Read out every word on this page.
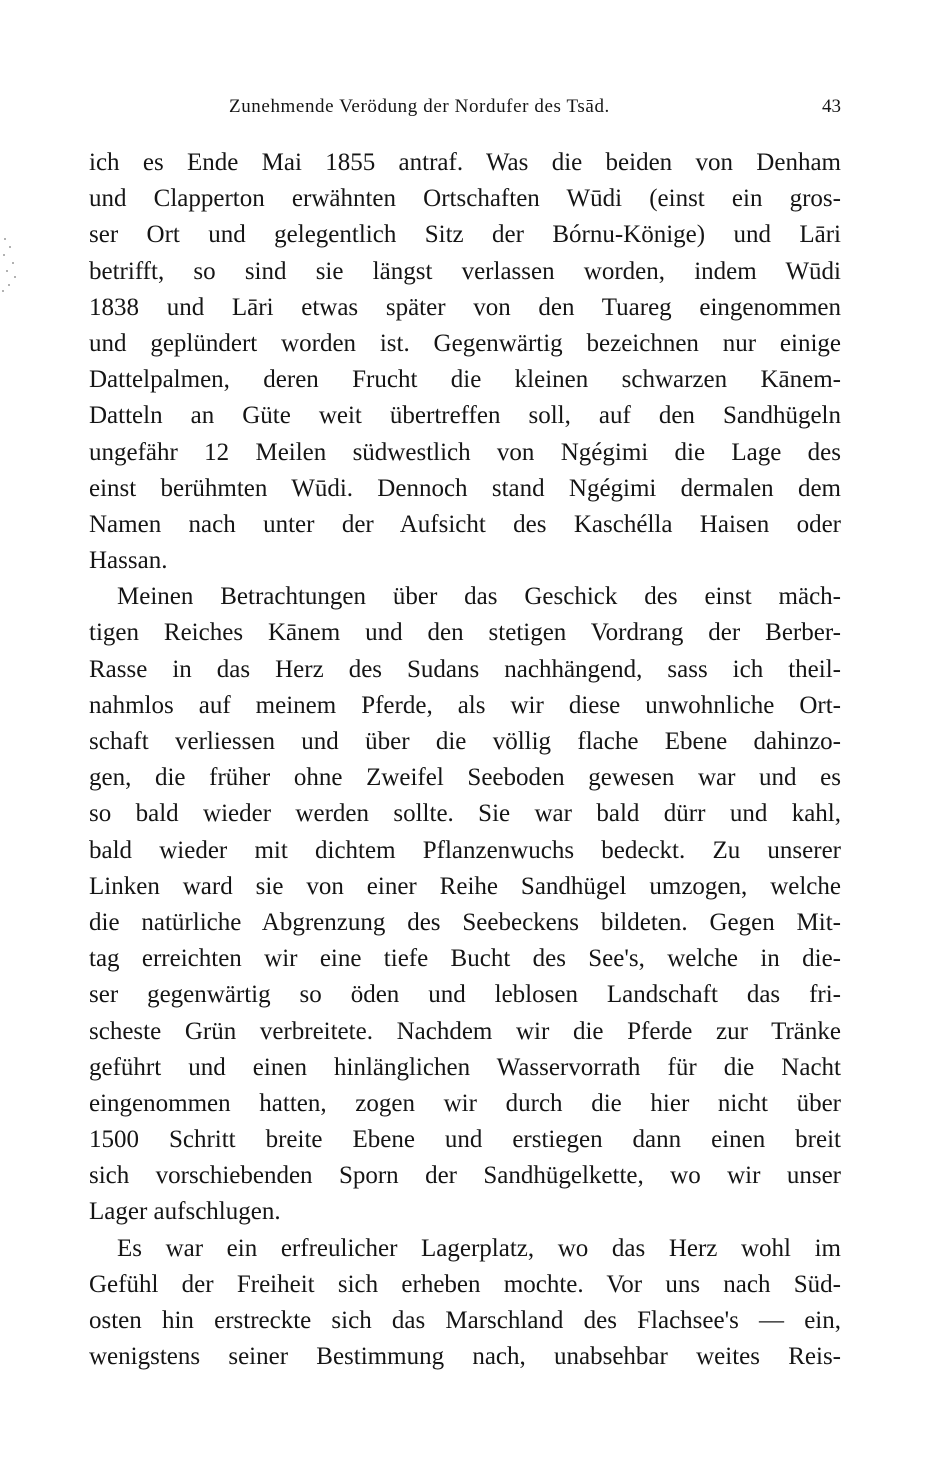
Zunehmende Verödung der Nordufer des Tsād.	43
ich es Ende Mai 1855 antraf. Was die beiden von Denham
und Clapperton erwähnten Ortschaften Wūdi (einst ein gros-
ser Ort und gelegentlich Sitz der Bórnu-Könige) und Lāri
betrifft, so sind sie längst verlassen worden, indem Wūdi
1838 und Lāri etwas später von den Tuareg eingenommen
und geplündert worden ist. Gegenwärtig bezeichnen nur einige
Dattelpalmen, deren Frucht die kleinen schwarzen Kānem-
Datteln an Güte weit übertreffen soll, auf den Sandhügeln
ungefähr 12 Meilen südwestlich von Ngégimi die Lage des
einst berühmten Wūdi. Dennoch stand Ngégimi dermalen dem
Namen nach unter der Aufsicht des Kaschélla Haisen oder
Hassan.
Meinen Betrachtungen über das Geschick des einst mäch-
tigen Reiches Kānem und den stetigen Vordrang der Berber-
Rasse in das Herz des Sudans nachhängend, sass ich theil-
nahmlos auf meinem Pferde, als wir diese unwohnliche Ort-
schaft verliessen und über die völlig flache Ebene dahinzo-
gen, die früher ohne Zweifel Seeboden gewesen war und es
so bald wieder werden sollte. Sie war bald dürr und kahl,
bald wieder mit dichtem Pflanzenwuchs bedeckt. Zu unserer
Linken ward sie von einer Reihe Sandhügel umzogen, welche
die natürliche Abgrenzung des Seebeckens bildeten. Gegen Mit-
tag erreichten wir eine tiefe Bucht des See's, welche in die-
ser gegenwärtig so öden und leblosen Landschaft das fri-
scheste Grün verbreitete. Nachdem wir die Pferde zur Tränke
geführt und einen hinlänglichen Wasservorrath für die Nacht
eingenommen hatten, zogen wir durch die hier nicht über
1500 Schritt breite Ebene und erstiegen dann einen breit
sich vorschiebenden Sporn der Sandhügelkette, wo wir unser
Lager aufschlugen.
Es war ein erfreulicher Lagerplatz, wo das Herz wohl im
Gefühl der Freiheit sich erheben mochte. Vor uns nach Süd-
osten hin erstreckte sich das Marschland des Flachsee's — ein,
wenigstens seiner Bestimmung nach, unabsehbar weites Reis-
